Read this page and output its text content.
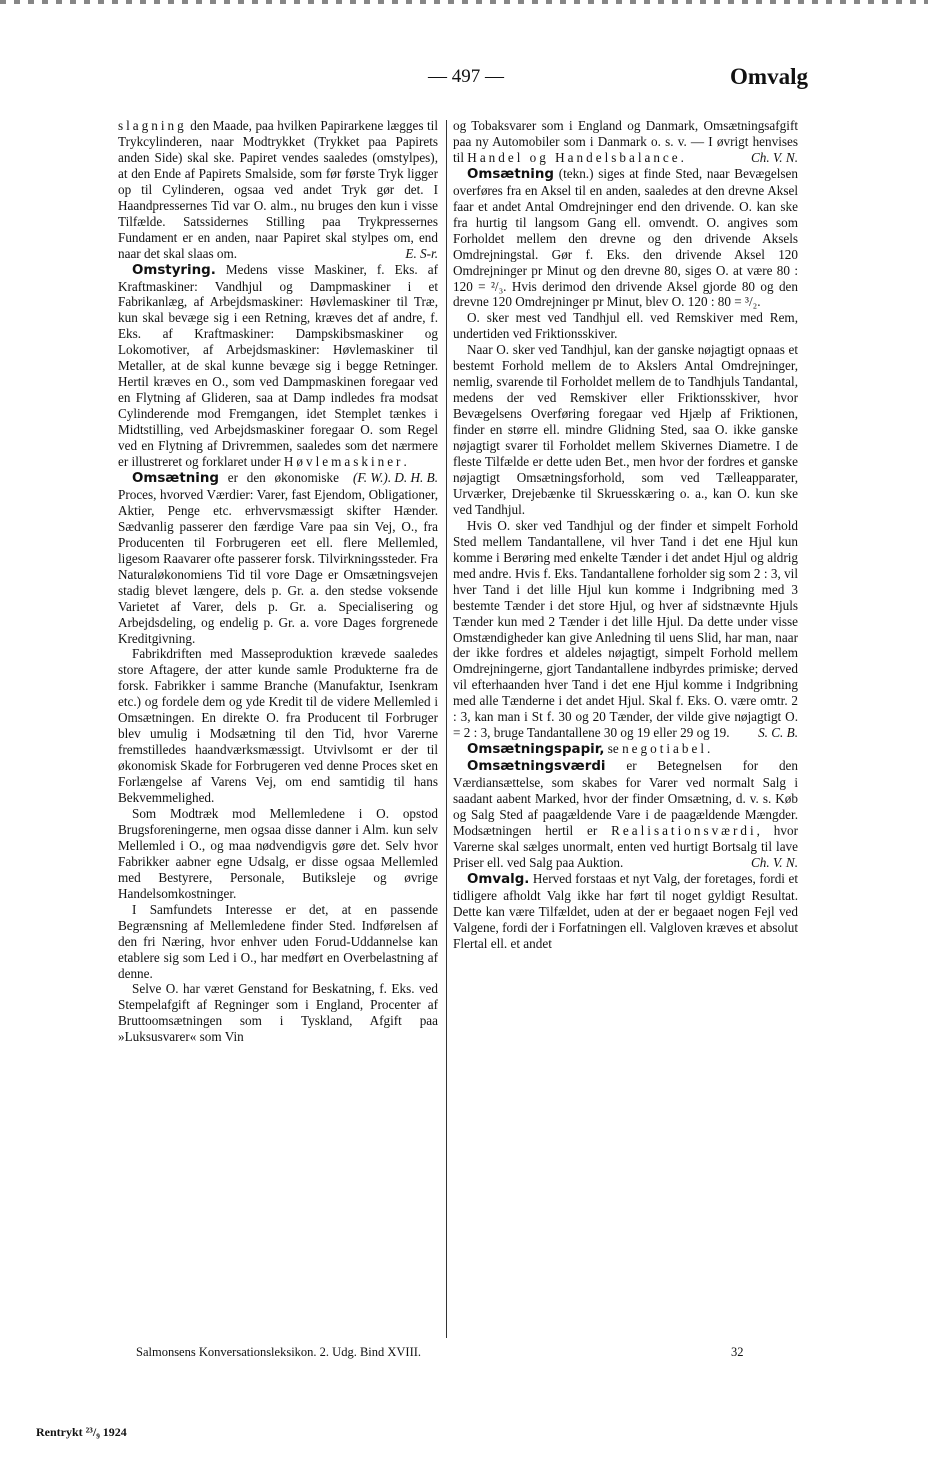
— 497 —	Omvalg

slagning den Maade, paa hvilken Papirarkene lægges til Trykcylinderen, naar Modtrykket (Trykket paa Papirets anden Side) skal ske. Papiret vendes saaledes (omstylpes), at den Ende af Papirets Smalside, som før første Tryk ligger op til Cylinderen, ogsaa ved andet Tryk gør det. I Haandpressernes Tid var O. alm., nu bruges den kun i visse Tilfælde. Satssidernes Stilling paa Trykpressernes Fundament er en anden, naar Papiret skal stylpes om, end naar det skal slaas om.	E. S-r.

Omstyring. Medens visse Maskiner, f. Eks. af Kraftmaskiner: Vandhjul og Dampmaskiner i et Fabrikanlæg, af Arbejdsmaskiner: Høvlemaskiner til Træ, kun skal bevæge sig i een Retning, kræves det af andre, f. Eks. af Kraftmaskiner: Dampskibsmaskiner og Lokomotiver, af Arbejdsmaskiner: Høvlemaskiner til Metaller, at de skal kunne bevæge sig i begge Retninger. Hertil kræves en O., som ved Dampmaskinen foregaar ved en Flytning af Glideren, saa at Damp indledes fra modsat Cylinderende mod Fremgangen, idet Stemplet tænkes i Midtstilling, ved Arbejdsmaskiner foregaar O. som Regel ved en Flytning af Drivremmen, saaledes som det nærmere er illustreret og forklaret under Høvlemaskiner.
(F. W.). D. H. B.

Omsætning er den økonomiske Proces, hvorved Værdier: Varer, fast Ejendom, Obligationer, Aktier, Penge etc. erhvervsmæssigt skifter Hænder. Sædvanlig passerer den færdige Vare paa sin Vej, O., fra Producenten til Forbrugeren eet ell. flere Mellemled, ligesom Raavarer ofte passerer forsk. Tilvirkningssteder. Fra Naturaløkonomiens Tid til vore Dage er Omsætningsvejen stadig blevet længere, dels p. Gr. a. den stedse voksende Varietet af Varer, dels p. Gr. a. Specialisering og Arbejdsdeling, og endelig p. Gr. a. vore Dages forgrenede Kreditgivning.

Fabrikdriften med Masseproduktion krævede saaledes store Aftagere, der atter kunde samle Produkterne fra de forsk. Fabrikker i samme Branche (Manufaktur, Isenkram etc.) og fordele dem og yde Kredit til de videre Mellemled i Omsætningen. En direkte O. fra Producent til Forbruger blev umulig i Modsætning til den Tid, hvor Varerne fremstilledes haandværksmæssigt. Utvivlsomt er der til økonomisk Skade for Forbrugeren ved denne Proces sket en Forlængelse af Varens Vej, om end samtidig til hans Bekvemmelighed.

Som Modtræk mod Mellemledene i O. opstod Brugsforeningerne, men ogsaa disse danner i Alm. kun selv Mellemled i O., og maa nødvendigvis gøre det. Selv hvor Fabrikker aabner egne Udsalg, er disse ogsaa Mellemled med Bestyrere, Personale, Butiksleje og øvrige Handelsomkostninger.

I Samfundets Interesse er det, at en passende Begrænsning af Mellemledene finder Sted. Indførelsen af den fri Næring, hvor enhver uden Forud-Uddannelse kan etablere sig som Led i O., har medført en Overbelastning af denne.

Selve O. har været Genstand for Beskatning, f. Eks. ved Stempelafgift af Regninger som i England, Procenter af Bruttoomsætningen som i Tyskland, Afgift paa »Luksusvarer« som Vin

og Tobaksvarer som i England og Danmark, Omsætningsafgift paa ny Automobiler som i Danmark o. s. v. — I øvrigt henvises til Handel og Handelsbalance.	Ch. V. N.

Omsætning (tekn.) siges at finde Sted, naar Bevægelsen overføres fra en Aksel til en anden, saaledes at den drevne Aksel faar et andet Antal Omdrejninger end den drivende. O. kan ske fra hurtig til langsom Gang ell. omvendt. O. angives som Forholdet mellem den drevne og den drivende Aksels Omdrejningstal. Gør f. Eks. den drivende Aksel 120 Omdrejninger pr Minut og den drevne 80, siges O. at være 80 : 120 = ²/₃. Hvis derimod den drivende Aksel gjorde 80 og den drevne 120 Omdrejninger pr Minut, blev O. 120 : 80 = ³/₂.

O. sker mest ved Tandhjul ell. ved Remskiver med Rem, undertiden ved Friktionsskiver.

Naar O. sker ved Tandhjul, kan der ganske nøjagtigt opnaas et bestemt Forhold mellem de to Akslers Antal Omdrejninger, nemlig, svarende til Forholdet mellem de to Tandhjuls Tandantal, medens der ved Remskiver eller Friktionsskiver, hvor Bevægelsens Overføring foregaar ved Hjælp af Friktionen, finder en større ell. mindre Glidning Sted, saa O. ikke ganske nøjagtigt svarer til Forholdet mellem Skivernes Diametre. I de fleste Tilfælde er dette uden Bet., men hvor der fordres et ganske nøjagtigt Omsætningsforhold, som ved Tælleapparater, Urværker, Drejebænke til Skruesskæring o. a., kan O. kun ske ved Tandhjul.

Hvis O. sker ved Tandhjul og der finder et simpelt Forhold Sted mellem Tandantallene, vil hver Tand i det ene Hjul kun komme i Berøring med enkelte Tænder i det andet Hjul og aldrig med andre. Hvis f. Eks. Tandantallene forholder sig som 2 : 3, vil hver Tand i det lille Hjul kun komme i Indgribning med 3 bestemte Tænder i det store Hjul, og hver af sidstnævnte Hjuls Tænder kun med 2 Tænder i det lille Hjul. Da dette under visse Omstændigheder kan give Anledning til uens Slid, har man, naar der ikke fordres et aldeles nøjagtigt, simpelt Forhold mellem Omdrejningerne, gjort Tandantallene indbyrdes primiske; derved vil efterhaanden hver Tand i det ene Hjul komme i Indgribning med alle Tænderne i det andet Hjul. Skal f. Eks. O. være omtr. 2 : 3, kan man i St f. 30 og 20 Tænder, der vilde give nøjagtigt O. = 2 : 3, bruge Tandantallene 30 og 19 eller 29 og 19.	S. C. B.

Omsætningspapir, se negotiabel.

Omsætningsværdi er Betegnelsen for den Værdiansættelse, som skabes for Varer ved normalt Salg i saadant aabent Marked, hvor der finder Omsætning, d. v. s. Køb og Salg Sted af paagældende Vare i de paagældende Mængder. Modsætningen hertil er Realisationsværdi, hvor Varerne skal sælges unormalt, enten ved hurtigt Bortsalg til lave Priser ell. ved Salg paa Auktion.	Ch. V. N.

Omvalg. Herved forstaas et nyt Valg, der foretages, fordi et tidligere afholdt Valg ikke har ført til noget gyldigt Resultat. Dette kan være Tilfældet, uden at der er begaaet nogen Fejl ved Valgene, fordi der i Forfatningen ell. Valgloven kræves et absolut Flertal ell. et andet

Salmonsens Konversationsleksikon. 2. Udg. Bind XVIII.	32
Rentrykt ²³/₉ 1924
